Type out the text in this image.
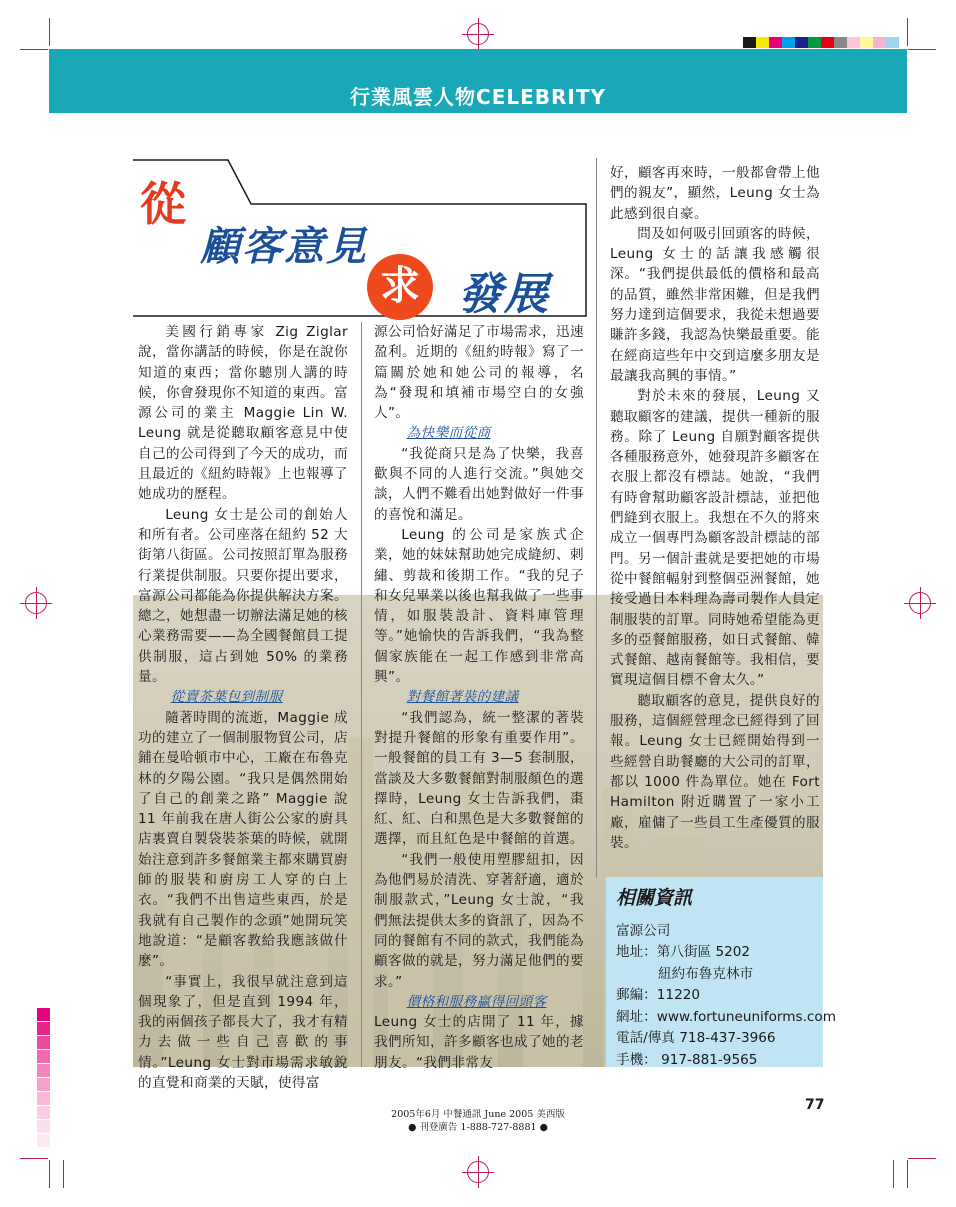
行業風雲人物CELEBRITY
從
顧客意見
求 發展

美國行銷專家 Zig Ziglar 說，當你講話的時候，你是在說你知道的東西；當你聽別人講的時候，你會發現你不知道的東西。富源公司的業主 Maggie Lin W. Leung 就是從聽取顧客意見中使自己的公司得到了今天的成功，而且最近的《紐約時報》上也報導了她成功的歷程。

Leung 女士是公司的創始人和所有者。公司座落在紐約 52 大街第八街區。公司按照訂單為服務行業提供制服。只要你提出要求，富源公司都能為你提供解決方案。總之，她想盡一切辦法滿足她的核心業務需要——為全國餐館員工提供制服，這占到她 50% 的業務量。

從賣茶葉包到制服

隨著時間的流逝，Maggie 成功的建立了一個制服物貿公司，店鋪在曼哈頓市中心，工廠在布魯克林的夕陽公園。“我只是偶然開始了自己的創業之路” Maggie 說 11 年前我在唐人街公公家的廚具店裏賣自製袋裝茶葉的時候，就開始注意到許多餐館業主都來購買廚師的服裝和廚房工人穿的白上衣。“我們不出售這些東西，於是我就有自己製作的念頭”她開玩笑地說道：“是顧客教給我應該做什麼”。

“事實上，我很早就注意到這個現象了，但是直到 1994 年，我的兩個孩子都長大了，我才有精力去做一些自己喜歡的事情。”Leung 女士對市場需求敏銳的直覺和商業的天賦，使得富

源公司恰好滿足了市場需求，迅速盈利。近期的《紐約時報》寫了一篇關於她和她公司的報導，名為“發現和填補市場空白的女強人”。

為快樂而從商

“我從商只是為了快樂，我喜歡與不同的人進行交流。”與她交談，人們不難看出她對做好一件事的喜悅和滿足。

Leung 的公司是家族式企業，她的妹妹幫助她完成縫紉、刺繡、剪裁和後期工作。“我的兒子和女兒畢業以後也幫我做了一些事情，如服裝設計、資料庫管理等。”她愉快的告訴我們，“我為整個家族能在一起工作感到非常高興”。

對餐館著裝的建議

“我們認為，統一整潔的著裝對提升餐館的形象有重要作用”。一般餐館的員工有 3—5 套制服，當談及大多數餐館對制服顏色的選擇時，Leung 女士告訴我們，棗紅、紅、白和黑色是大多數餐館的選擇，而且紅色是中餐館的首選。

“我們一般使用塑膠紐扣，因為他們易於清洗、穿著舒適，適於制服款式，”Leung 女士說，“我們無法提供太多的資訊了，因為不同的餐館有不同的款式，我們能為顧客做的就是，努力滿足他們的要求。”

價格和服務贏得回頭客

Leung 女士的店開了 11 年，據我們所知，許多顧客也成了她的老朋友。“我們非常友

好，顧客再來時，一般都會帶上他們的親友”，顯然，Leung 女士為此感到很自豪。

問及如何吸引回頭客的時候，Leung 女士的話讓我感觸很深。“我們提供最低的價格和最高的品質，雖然非常困難，但是我們努力達到這個要求，我從未想過要賺許多錢，我認為快樂最重要。能在經商這些年中交到這麼多朋友是最讓我高興的事情。”

對於未來的發展，Leung 又聽取顧客的建議，提供一種新的服務。除了 Leung 自願對顧客提供各種服務意外，她發現許多顧客在衣服上都沒有標誌。她說，“我們有時會幫助顧客設計標誌，並把他們縫到衣服上。我想在不久的將來成立一個專門為顧客設計標誌的部門。另一個計畫就是要把她的市場從中餐館輻射到整個亞洲餐館，她接受過日本料理為壽司製作人員定制服裝的訂單。同時她希望能為更多的亞餐館服務，如日式餐館、韓式餐館、越南餐館等。我相信，要實現這個目標不會太久。”

聽取顧客的意見，提供良好的服務，這個經營理念已經得到了回報。Leung 女士已經開始得到一些經營自助餐廳的大公司的訂單，都以 1000 件為單位。她在 Fort Hamilton 附近購置了一家小工廠，雇傭了一些員工生產優質的服裝。

相關資訊
富源公司
地址：第八街區 5202
紐約布魯克林市
郵編：11220
網址：www.fortuneuniforms.com
電話/傳真 718-437-3966
手機： 917-881-9565
77
2005年6月 中餐通訊 June 2005 美西版
● 刊登廣告 1-888-727-8881 ●
